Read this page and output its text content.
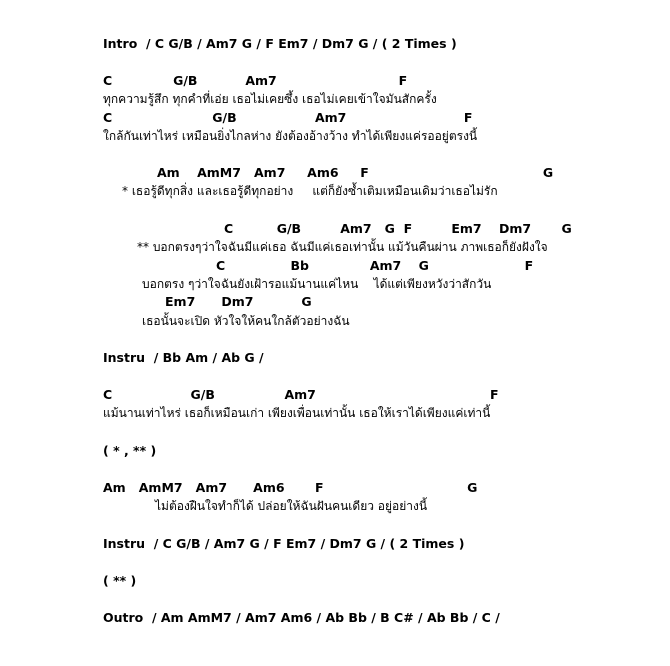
Intro  / C G/B / Am7 G / F Em7 / Dm7 G / ( 2 Times )
C              G/B           Am7                            F
ทุกความรู้สึก ทุกคำที่เอ่ย เธอไม่เคยซึ้ง เธอไม่เคยเข้าใจมันสักครั้ง
C                       G/B                  Am7                           F
ใกล้กันเท่าไหร่ เหมือนยิ่งไกลห่าง ยังต้องอ้างว้าง ทำได้เพียงแค่รออยู่ตรงนี้
Am    AmM7   Am7     Am6     F                                        G
* เธอรู้ดีทุกสิ่ง และเธอรู้ดีทุกอย่าง     แต่ก็ยังซ้ำเติมเหมือนเดิมว่าเธอไม่รัก
C          G/B         Am7   G  F         Em7    Dm7       G
** บอกตรงๆว่าใจฉันมีแค่เธอ ฉันมีแค่เธอเท่านั้น แม้วันคืนผ่าน ภาพเธอก็ยังฝังใจ
C               Bb              Am7    G                      F
บอกตรง ๆว่าใจฉันยังเฝ้ารอแม้นานแค่ไหน    ได้แต่เพียงหวังว่าสักวัน
Em7      Dm7           G
เธอนั้นจะเปิด หัวใจให้คนใกล้ตัวอย่างฉัน
Instru  / Bb Am / Ab G /
C                  G/B                Am7                                        F
แม้นานเท่าไหร่ เธอก็เหมือนเก่า เพียงเพื่อนเท่านั้น เธอให้เราได้เพียงแค่เท่านี้
( * , ** )
Am   AmM7   Am7      Am6       F                                 G
ไม่ต้องฝืนใจทำก็ได้ ปล่อยให้ฉันฝันคนเดียว อยู่อย่างนี้
Instru  / C G/B / Am7 G / F Em7 / Dm7 G / ( 2 Times )
( ** )
Outro  / Am AmM7 / Am7 Am6 / Ab Bb / B C# / Ab Bb / C /
